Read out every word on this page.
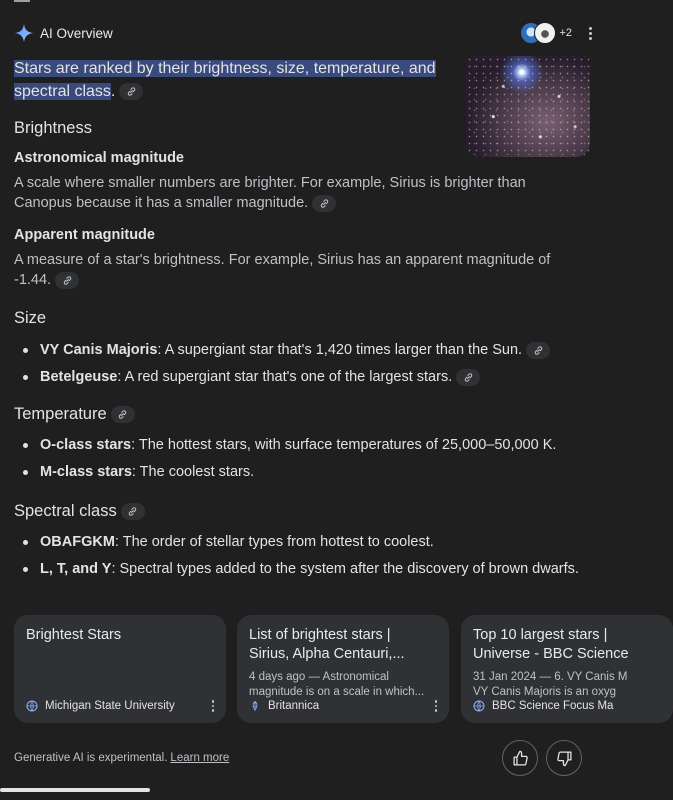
AI Overview	+2
Stars are ranked by their brightness, size, temperature, and spectral class.
Brightness
Astronomical magnitude
A scale where smaller numbers are brighter. For example, Sirius is brighter than Canopus because it has a smaller magnitude.
Apparent magnitude
A measure of a star's brightness. For example, Sirius has an apparent magnitude of -1.44.
Size
VY Canis Majoris: A supergiant star that's 1,420 times larger than the Sun.
Betelgeuse: A red supergiant star that's one of the largest stars.
Temperature
O-class stars: The hottest stars, with surface temperatures of 25,000–50,000 K.
M-class stars: The coolest stars.
Spectral class
OBAFGKM: The order of stellar types from hottest to coolest.
L, T, and Y: Spectral types added to the system after the discovery of brown dwarfs.
Brightest Stars
Michigan State University
List of brightest stars |
Sirius, Alpha Centauri,...
4 days ago — Astronomical
magnitude is on a scale in which...
Britannica
Top 10 largest stars |
Universe - BBC Science
31 Jan 2024 — 6. VY Canis M
VY Canis Majoris is an oxyg
BBC Science Focus Ma
Generative AI is experimental. Learn more
